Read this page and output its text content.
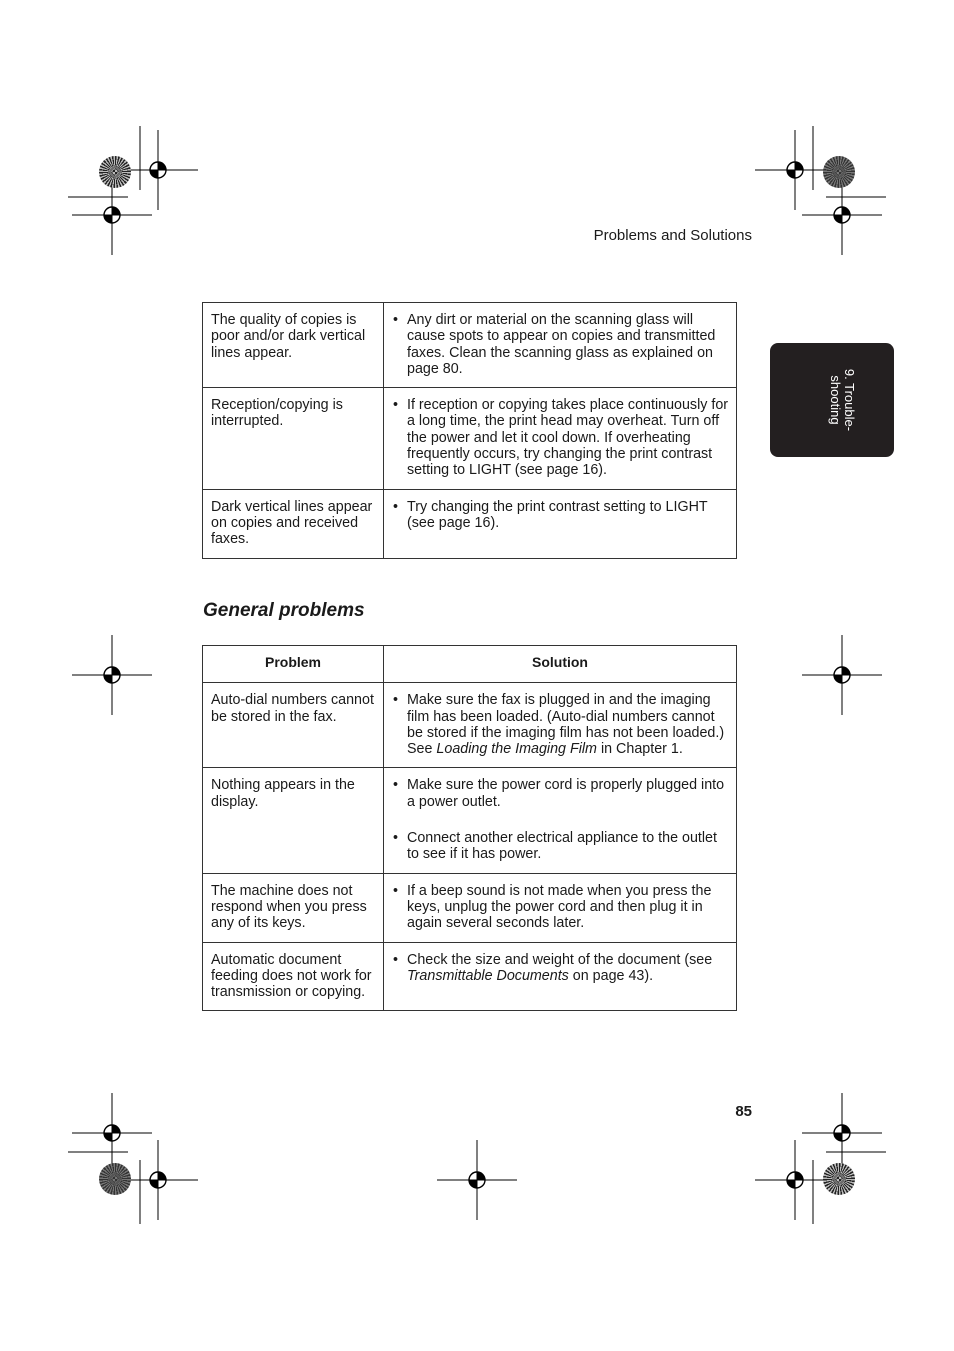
Problems and Solutions
9. Trouble-
shooting
The quality of copies is poor and/or dark vertical lines appear.	• Any dirt or material on the scanning glass will cause spots to appear on copies and transmitted faxes. Clean the scanning glass as explained on page 80.

Reception/copying is interrupted.	• If reception or copying takes place continuously for a long time, the print head may overheat. Turn off the power and let it cool down. If overheating frequently occurs, try changing the print contrast setting to LIGHT (see page 16).

Dark vertical lines appear on copies and received faxes.	• Try changing the print contrast setting to LIGHT (see page 16).

General problems
Problem	Solution
Auto-dial numbers cannot be stored in the fax.	• Make sure the fax is plugged in and the imaging film has been loaded. (Auto-dial numbers cannot be stored if the imaging film has not been loaded.) See Loading the Imaging Film in Chapter 1.

Nothing appears in the display.	• Make sure the power cord is properly plugged into a power outlet.

• Connect another electrical appliance to the outlet to see if it has power.

The machine does not respond when you press any of its keys.	• If a beep sound is not made when you press the keys, unplug the power cord and then plug it in again several seconds later.

Automatic document feeding does not work for transmission or copying.	• Check the size and weight of the document (see Transmittable Documents on page 43).

85
